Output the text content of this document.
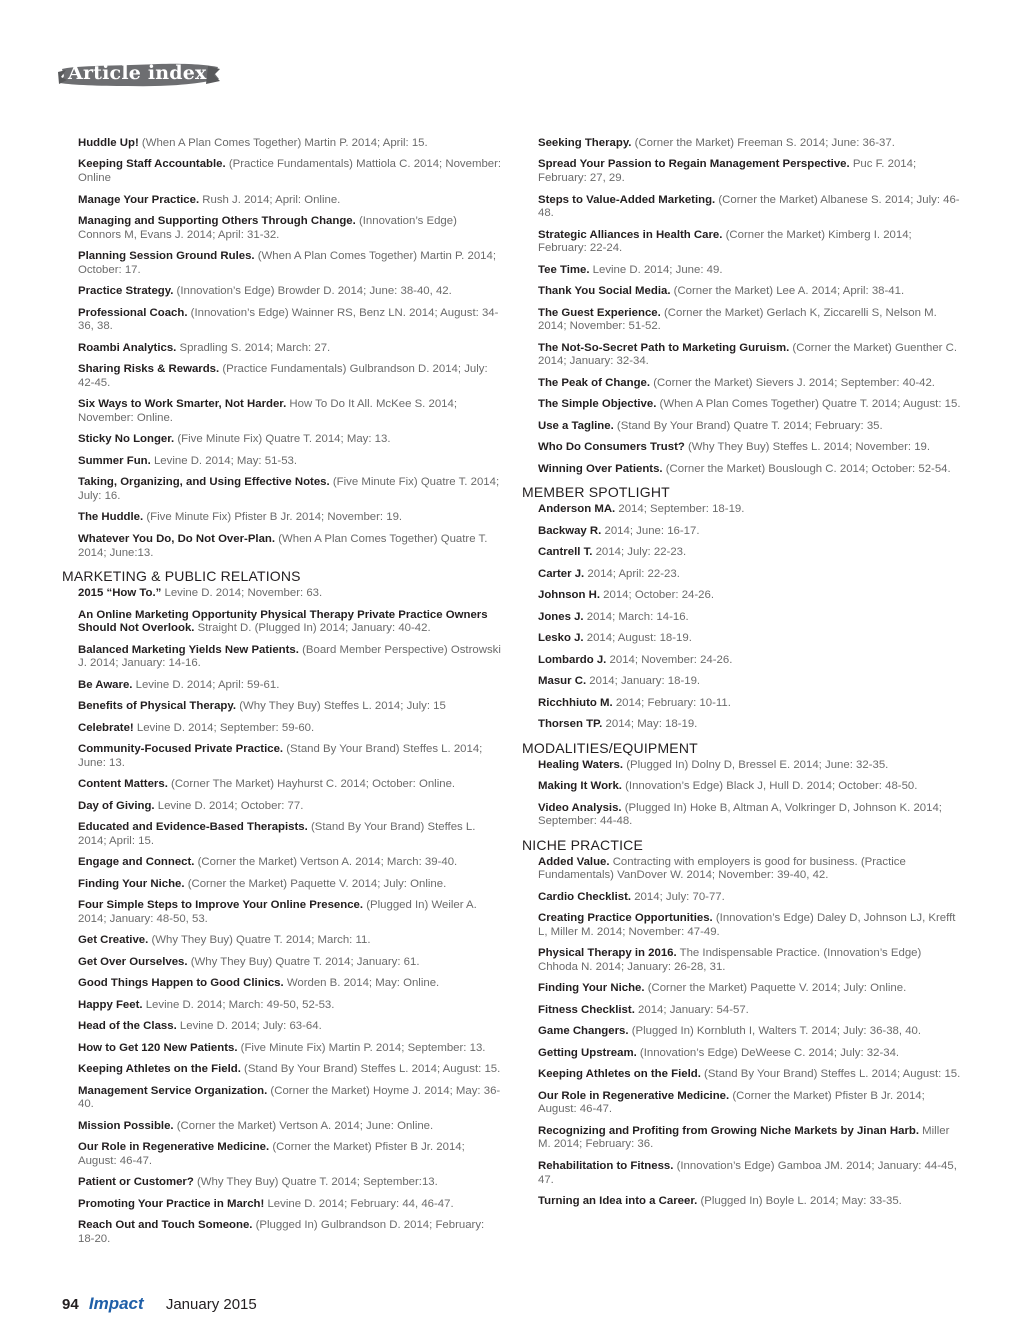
Article index
Huddle Up! (When A Plan Comes Together) Martin P. 2014; April: 15.
Keeping Staff Accountable. (Practice Fundamentals) Mattiola C. 2014; November: Online
Manage Your Practice. Rush J. 2014; April: Online.
Managing and Supporting Others Through Change. (Innovation’s Edge) Connors M, Evans J. 2014; April: 31-32.
Planning Session Ground Rules. (When A Plan Comes Together) Martin P. 2014; October: 17.
Practice Strategy. (Innovation’s Edge) Browder D. 2014; June: 38-40, 42.
Professional Coach. (Innovation’s Edge) Wainner RS, Benz LN. 2014; August: 34-36, 38.
Roambi Analytics. Spradling S. 2014; March: 27.
Sharing Risks & Rewards. (Practice Fundamentals) Gulbrandson D. 2014; July: 42-45.
Six Ways to Work Smarter, Not Harder. How To Do It All. McKee S. 2014; November: Online.
Sticky No Longer. (Five Minute Fix) Quatre T. 2014; May: 13.
Summer Fun. Levine D. 2014; May: 51-53.
Taking, Organizing, and Using Effective Notes. (Five Minute Fix) Quatre T. 2014; July: 16.
The Huddle. (Five Minute Fix) Pfister B Jr. 2014; November: 19.
Whatever You Do, Do Not Over-Plan. (When A Plan Comes Together) Quatre T. 2014; June:13.
MARKETING & PUBLIC RELATIONS
2015 “How To.” Levine D. 2014; November: 63.
An Online Marketing Opportunity Physical Therapy Private Practice Owners Should Not Overlook. Straight D. (Plugged In) 2014; January: 40-42.
Balanced Marketing Yields New Patients. (Board Member Perspective) Ostrowski J. 2014; January: 14-16.
Be Aware. Levine D. 2014; April: 59-61.
Benefits of Physical Therapy. (Why They Buy) Steffes L. 2014; July: 15
Celebrate! Levine D. 2014; September: 59-60.
Community-Focused Private Practice. (Stand By Your Brand) Steffes L. 2014; June: 13.
Content Matters. (Corner The Market) Hayhurst C. 2014; October: Online.
Day of Giving. Levine D. 2014; October: 77.
Educated and Evidence-Based Therapists. (Stand By Your Brand) Steffes L. 2014; April: 15.
Engage and Connect. (Corner the Market) Vertson A. 2014; March: 39-40.
Finding Your Niche. (Corner the Market) Paquette V. 2014; July: Online.
Four Simple Steps to Improve Your Online Presence. (Plugged In) Weiler A. 2014; January: 48-50, 53.
Get Creative. (Why They Buy) Quatre T. 2014; March: 11.
Get Over Ourselves. (Why They Buy) Quatre T. 2014; January: 61.
Good Things Happen to Good Clinics. Worden B. 2014; May: Online.
Happy Feet. Levine D. 2014; March: 49-50, 52-53.
Head of the Class. Levine D. 2014; July: 63-64.
How to Get 120 New Patients. (Five Minute Fix) Martin P. 2014; September: 13.
Keeping Athletes on the Field. (Stand By Your Brand) Steffes L. 2014; August: 15.
Management Service Organization. (Corner the Market) Hoyme J. 2014; May: 36-40.
Mission Possible. (Corner the Market) Vertson A. 2014; June: Online.
Our Role in Regenerative Medicine. (Corner the Market) Pfister B Jr. 2014; August: 46-47.
Patient or Customer? (Why They Buy) Quatre T. 2014; September:13.
Promoting Your Practice in March! Levine D. 2014; February: 44, 46-47.
Reach Out and Touch Someone. (Plugged In) Gulbrandson D. 2014; February: 18-20.
Seeking Therapy. (Corner the Market) Freeman S. 2014; June: 36-37.
Spread Your Passion to Regain Management Perspective. Puc F. 2014; February: 27, 29.
Steps to Value-Added Marketing. (Corner the Market) Albanese S. 2014; July: 46-48.
Strategic Alliances in Health Care. (Corner the Market) Kimberg I. 2014; February: 22-24.
Tee Time. Levine D. 2014; June: 49.
Thank You Social Media. (Corner the Market) Lee A. 2014; April: 38-41.
The Guest Experience. (Corner the Market) Gerlach K, Ziccarelli S, Nelson M. 2014; November: 51-52.
The Not-So-Secret Path to Marketing Guruism. (Corner the Market) Guenther C. 2014; January: 32-34.
The Peak of Change. (Corner the Market) Sievers J. 2014; September: 40-42.
The Simple Objective. (When A Plan Comes Together) Quatre T. 2014; August: 15.
Use a Tagline. (Stand By Your Brand) Quatre T. 2014; February: 35.
Who Do Consumers Trust? (Why They Buy) Steffes L. 2014; November: 19.
Winning Over Patients. (Corner the Market) Bouslough C. 2014; October: 52-54.
MEMBER SPOTLIGHT
Anderson MA. 2014; September: 18-19.
Backway R. 2014; June: 16-17.
Cantrell T. 2014; July: 22-23.
Carter J. 2014; April: 22-23.
Johnson H. 2014; October: 24-26.
Jones J. 2014; March: 14-16.
Lesko J. 2014; August: 18-19.
Lombardo J. 2014; November: 24-26.
Masur C. 2014; January: 18-19.
Ricchhiuto M. 2014; February: 10-11.
Thorsen TP. 2014; May: 18-19.
MODALITIES/EQUIPMENT
Healing Waters. (Plugged In) Dolny D, Bressel E. 2014; June: 32-35.
Making It Work. (Innovation’s Edge) Black J, Hull D. 2014; October: 48-50.
Video Analysis. (Plugged In) Hoke B, Altman A, Volkringer D, Johnson K. 2014; September: 44-48.
NICHE PRACTICE
Added Value. Contracting with employers is good for business. (Practice Fundamentals) VanDover W. 2014; November: 39-40, 42.
Cardio Checklist. 2014; July: 70-77.
Creating Practice Opportunities. (Innovation’s Edge) Daley D, Johnson LJ, Krefft L, Miller M. 2014; November: 47-49.
Physical Therapy in 2016. The Indispensable Practice. (Innovation’s Edge) Chhoda N. 2014; January: 26-28, 31.
Finding Your Niche. (Corner the Market) Paquette V. 2014; July: Online.
Fitness Checklist. 2014; January: 54-57.
Game Changers. (Plugged In) Kornbluth I, Walters T. 2014; July: 36-38, 40.
Getting Upstream. (Innovation’s Edge) DeWeese C. 2014; July: 32-34.
Keeping Athletes on the Field. (Stand By Your Brand) Steffes L. 2014; August: 15.
Our Role in Regenerative Medicine. (Corner the Market) Pfister B Jr. 2014; August: 46-47.
Recognizing and Profiting from Growing Niche Markets by Jinan Harb. Miller M. 2014; February: 36.
Rehabilitation to Fitness. (Innovation’s Edge) Gamboa JM. 2014; January: 44-45, 47.
Turning an Idea into a Career. (Plugged In) Boyle L. 2014; May: 33-35.
94 Impact January 2015
